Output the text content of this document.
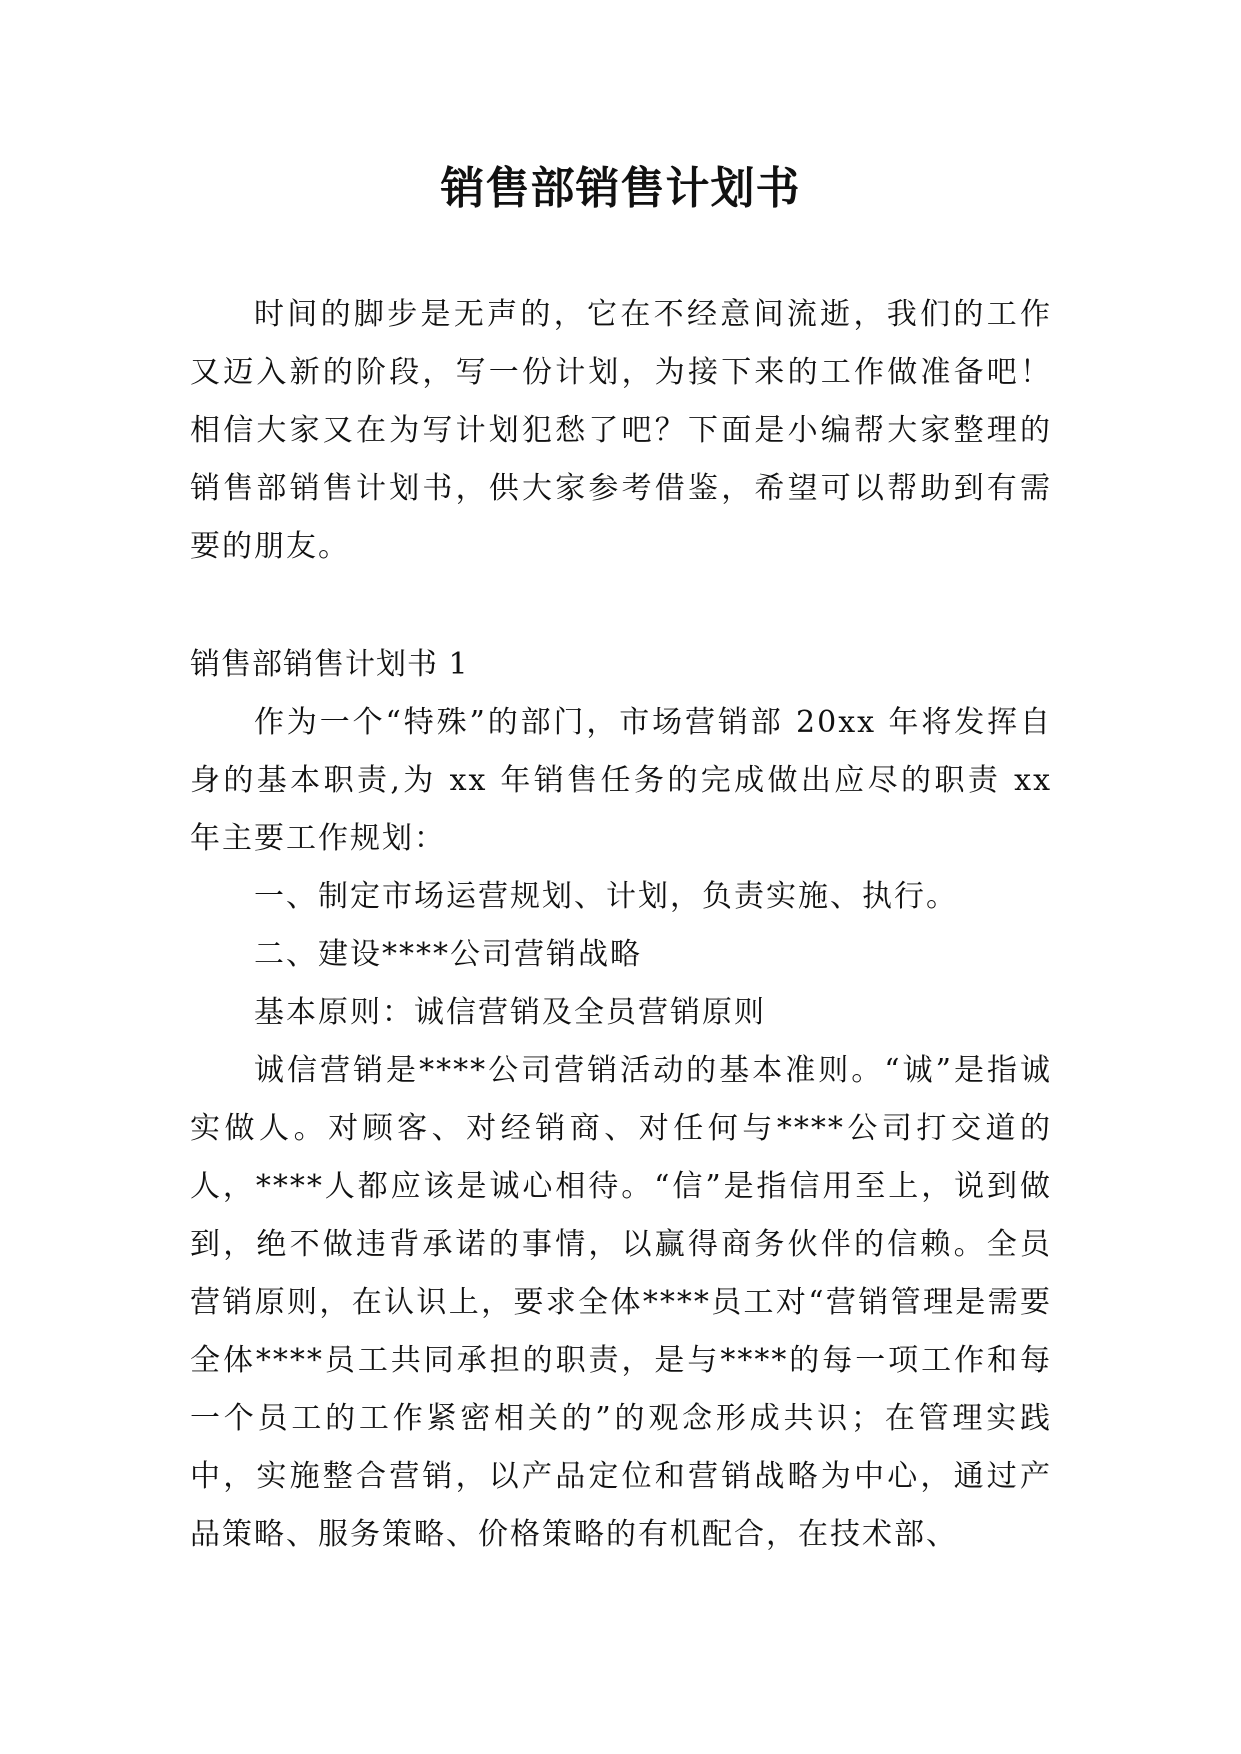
销售部销售计划书

时间的脚步是无声的，它在不经意间流逝，我们的工作又迈入新的阶段，写一份计划，为接下来的工作做准备吧！相信大家又在为写计划犯愁了吧？下面是小编帮大家整理的销售部销售计划书，供大家参考借鉴，希望可以帮助到有需要的朋友。

销售部销售计划书 1

作为一个“特殊”的部门，市场营销部 20xx 年将发挥自身的基本职责,为 xx 年销售任务的完成做出应尽的职责 xx 年主要工作规划：

一、制定市场运营规划、计划，负责实施、执行。

二、建设****公司营销战略

基本原则：诚信营销及全员营销原则

诚信营销是****公司营销活动的基本准则。“诚”是指诚实做人。对顾客、对经销商、对任何与****公司打交道的人，****人都应该是诚心相待。“信”是指信用至上，说到做到，绝不做违背承诺的事情，以赢得商务伙伴的信赖。全员营销原则，在认识上，要求全体****员工对“营销管理是需要全体****员工共同承担的职责，是与****的每一项工作和每一个员工的工作紧密相关的”的观念形成共识；在管理实践中，实施整合营销，以产品定位和营销战略为中心，通过产品策略、服务策略、价格策略的有机配合，在技术部、
